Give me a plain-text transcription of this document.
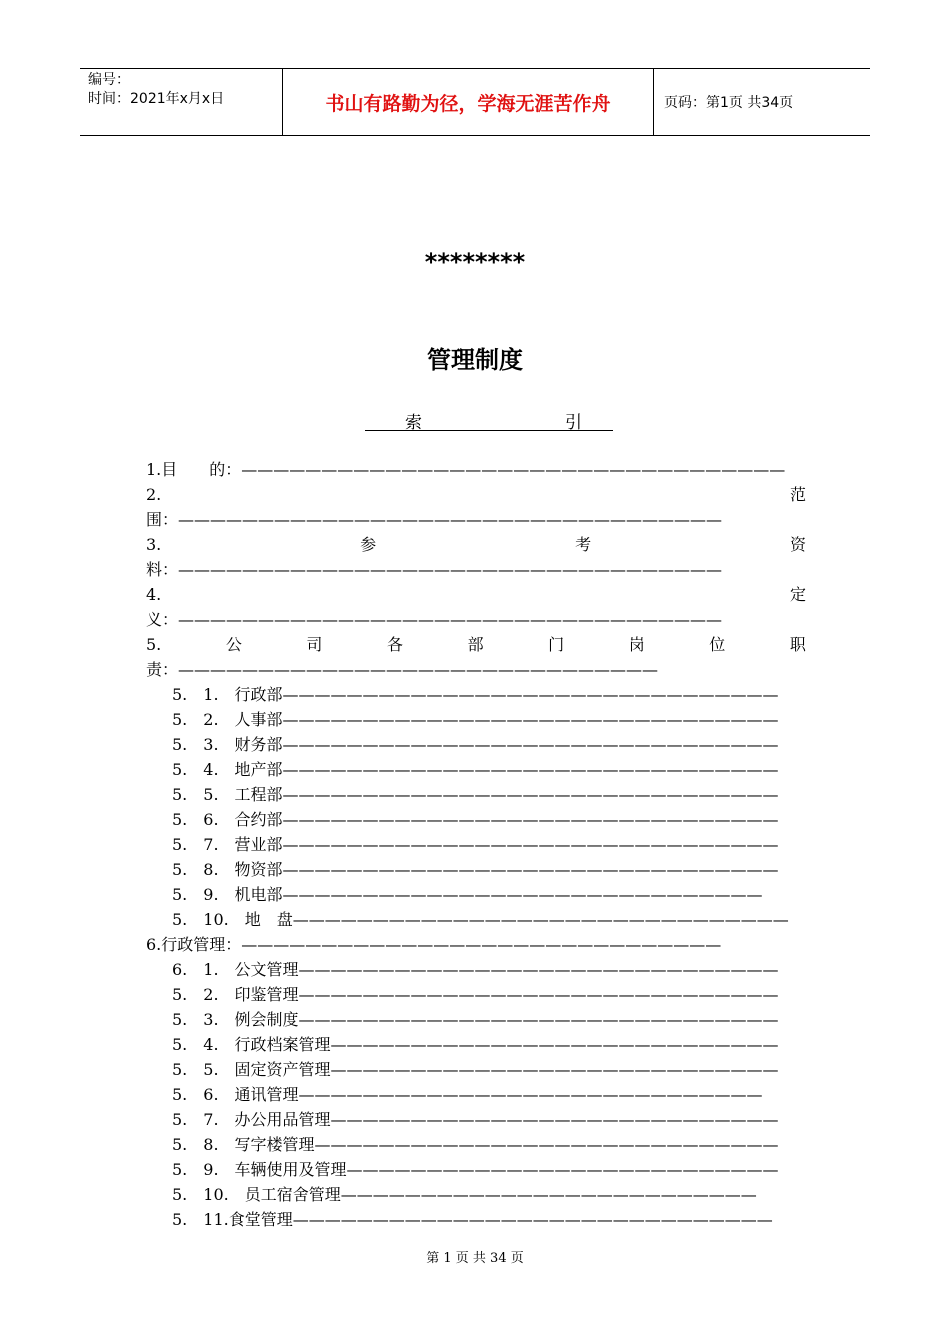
编号：
时间：2021年x月x日	书山有路勤为径，学海无涯苦作舟	页码：第1页 共34页
********
管理制度
索	引
1.目　　的：——————————————————————————————————
2.	范
围：——————————————————————————————————
3.	参	考	资
料：——————————————————————————————————
4.	定
义：——————————————————————————————————
5.	公	司	各	部	门	岗	位	职
责：——————————————————————————————
5.　1.　行政部———————————————————————————————
5.　2.　人事部———————————————————————————————
5.　3.　财务部———————————————————————————————
5.　4.　地产部———————————————————————————————
5.　5.　工程部———————————————————————————————
5.　6.　合约部———————————————————————————————
5.　7.　营业部———————————————————————————————
5.　8.　物资部———————————————————————————————
5.　9.　机电部——————————————————————————————
5.　10.　地　盘———————————————————————————————
6.行政管理：——————————————————————————————
6.　1.　公文管理——————————————————————————————
5.　2.　印鉴管理——————————————————————————————
5.　3.　例会制度——————————————————————————————
5.　4.　行政档案管理————————————————————————————
5.　5.　固定资产管理————————————————————————————
5.　6.　通讯管理—————————————————————————————
5.　7.　办公用品管理————————————————————————————
5.　8.　写字楼管理—————————————————————————————
5.　9.　车辆使用及管理———————————————————————————
5.　10.　员工宿舍管理——————————————————————————
5.　11.食堂管理——————————————————————————————
第 1 页 共 34 页
